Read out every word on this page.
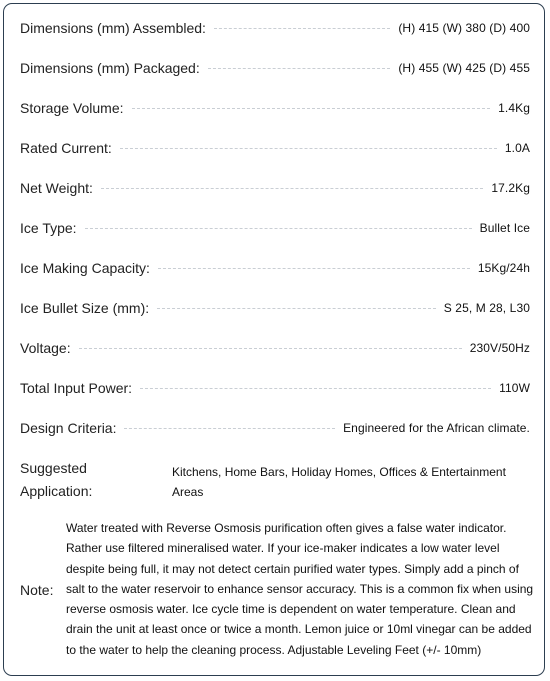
Dimensions (mm) Assembled:	(H) 415 (W) 380 (D) 400
Dimensions (mm) Packaged:	(H) 455 (W) 425 (D) 455
Storage Volume:	1.4Kg
Rated Current:	1.0A
Net Weight:	17.2Kg
Ice Type:	Bullet Ice
Ice Making Capacity:	15Kg/24h
Ice Bullet Size (mm):	S 25, M 28, L30
Voltage:	230V/50Hz
Total Input Power:	110W
Design Criteria:	Engineered for the African climate.
Suggested
Application:
Kitchens, Home Bars, Holiday Homes, Offices & Entertainment Areas
Note:
Water treated with Reverse Osmosis purification often gives a false water indicator. Rather use filtered mineralised water. If your ice-maker indicates a low water level despite being full, it may not detect certain purified water types. Simply add a pinch of salt to the water reservoir to enhance sensor accuracy. This is a common fix when using reverse osmosis water. Ice cycle time is dependent on water temperature. Clean and drain the unit at least once or twice a month. Lemon juice or 10ml vinegar can be added to the water to help the cleaning process. Adjustable Leveling Feet (+/- 10mm)
